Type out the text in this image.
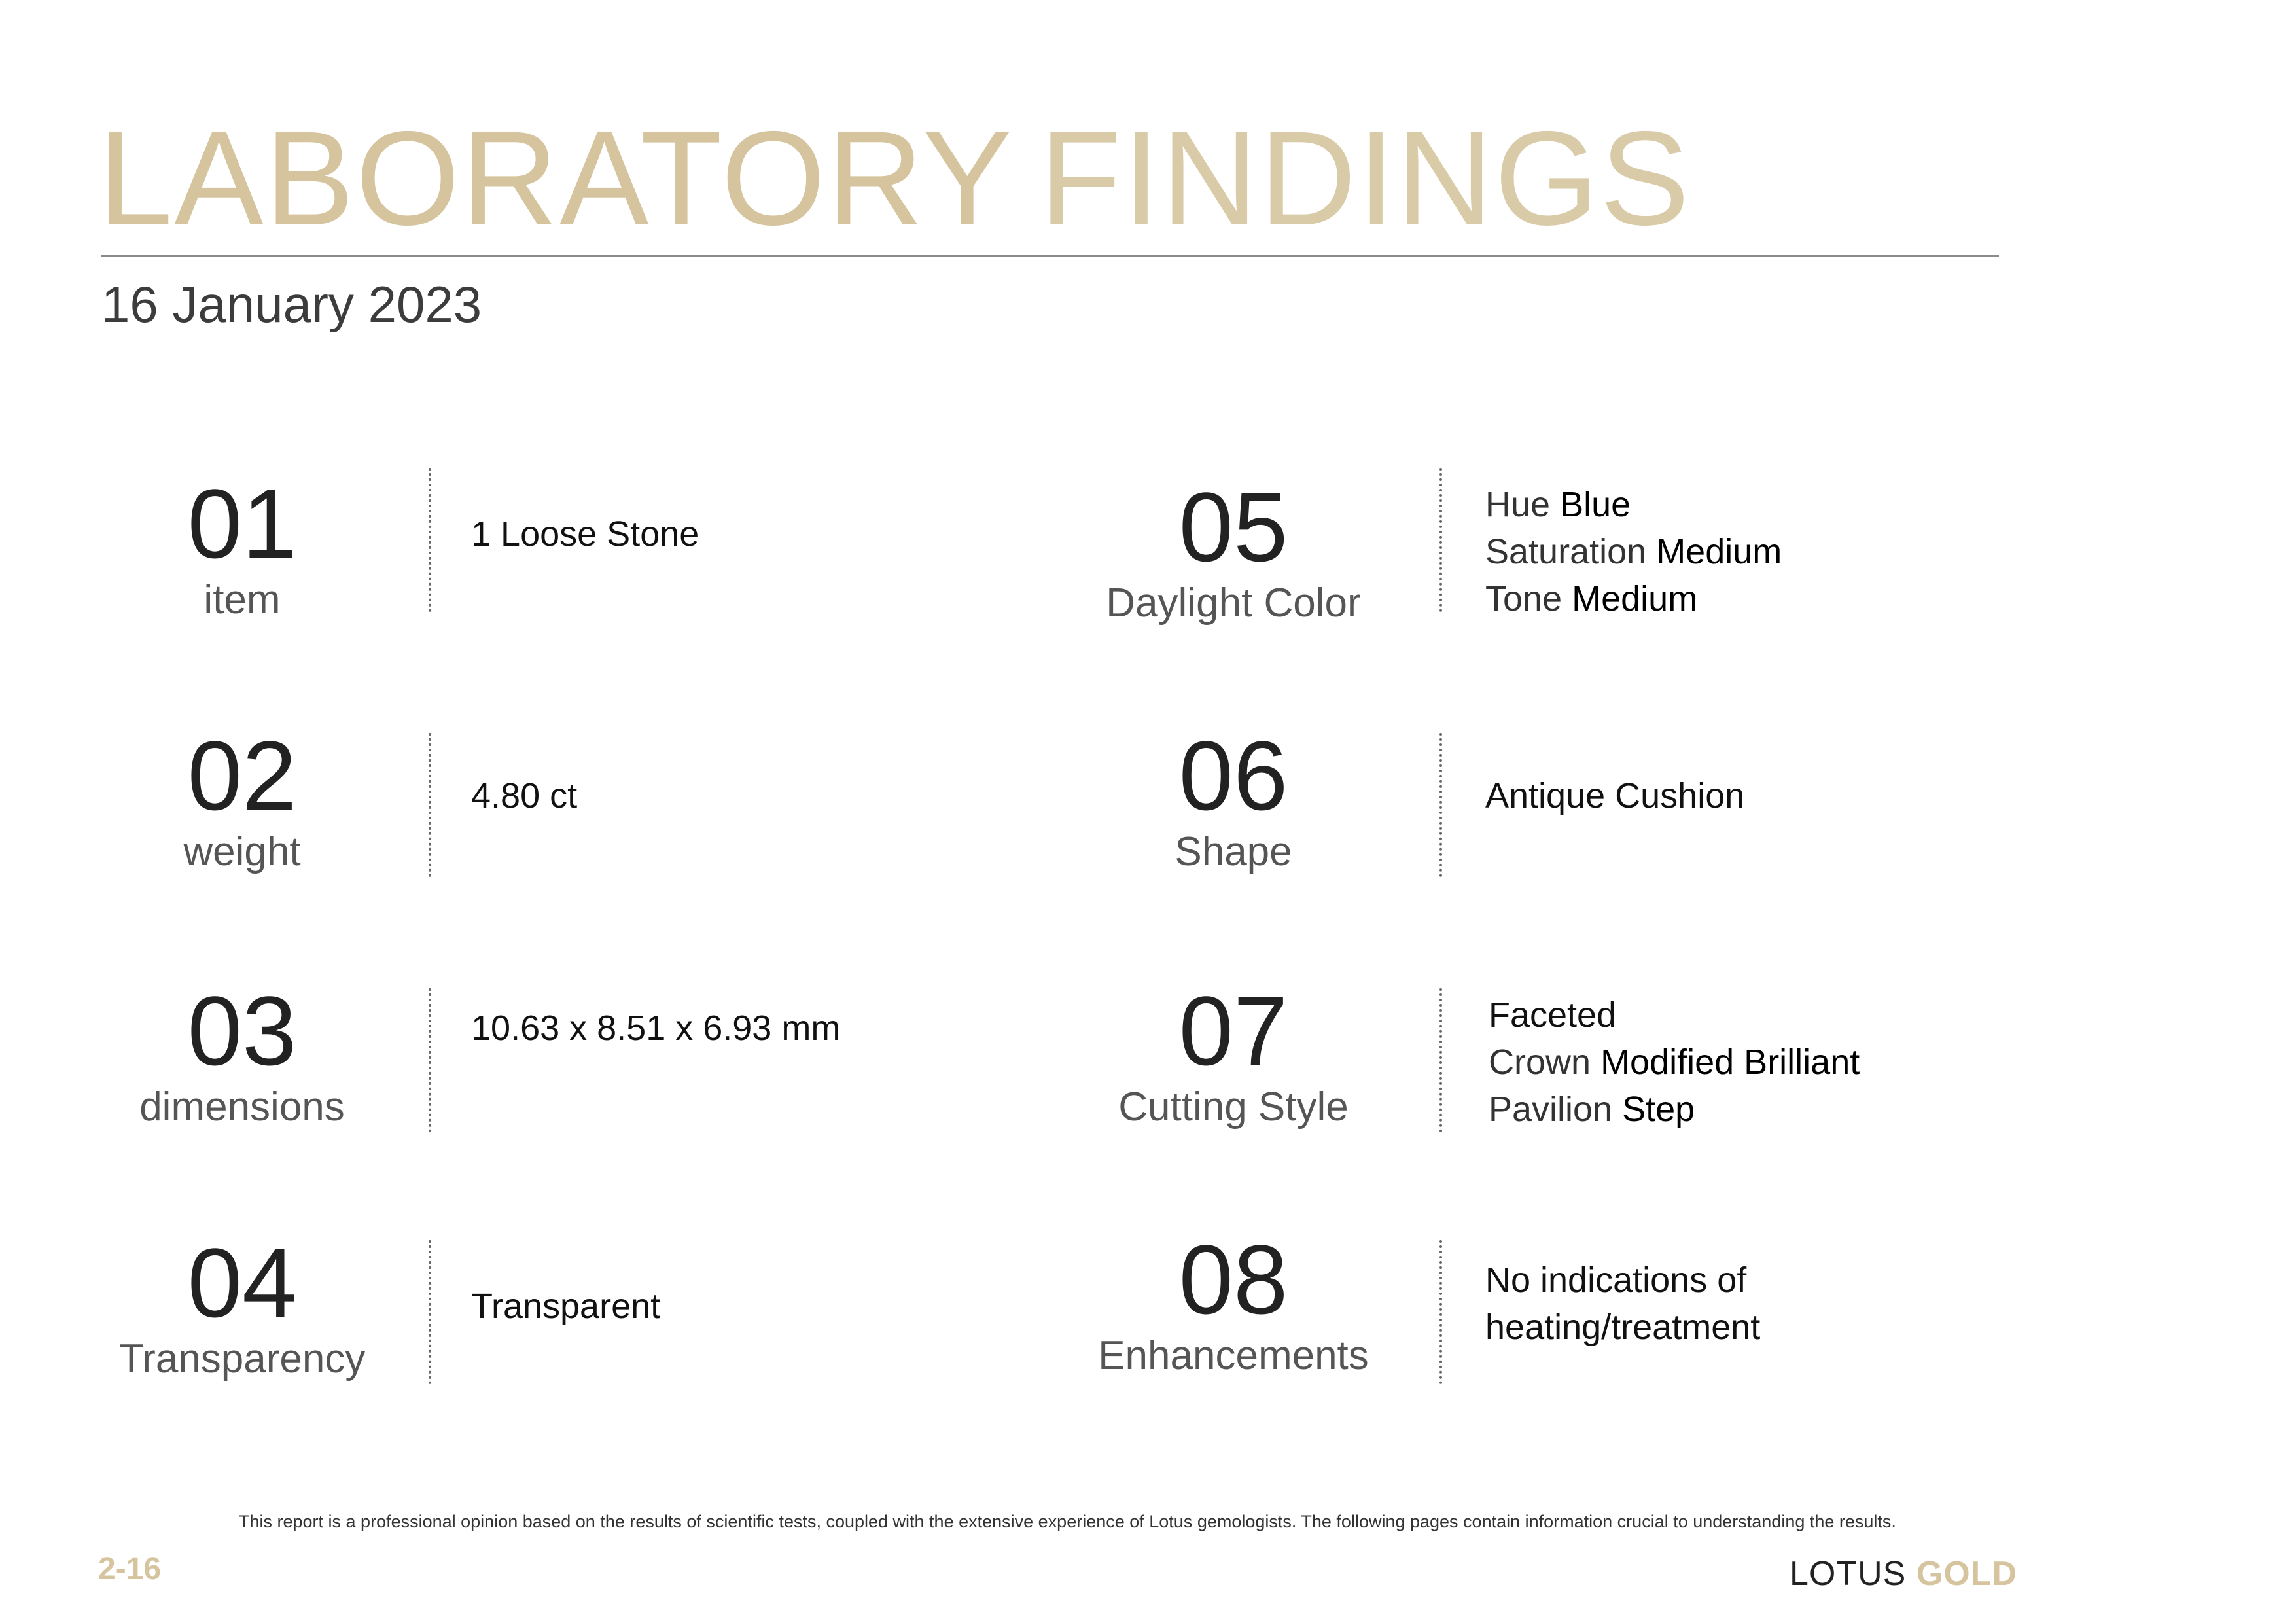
LABORATORY FINDINGS
16 January 2023
01
item
1 Loose Stone
02
weight
4.80 ct
03
dimensions
10.63 x 8.51 x 6.93 mm
04
Transparency
Transparent
05
Daylight Color
Hue Blue
Saturation Medium
Tone Medium
06
Shape
Antique Cushion
07
Cutting Style
Faceted
Crown Modified Brilliant
Pavilion Step
08
Enhancements
No indications of
heating/treatment
This report is a professional opinion based on the results of scientific tests, coupled with the extensive experience of Lotus gemologists. The following pages contain information crucial to understanding the results.
2-16	LOTUS GOLD
